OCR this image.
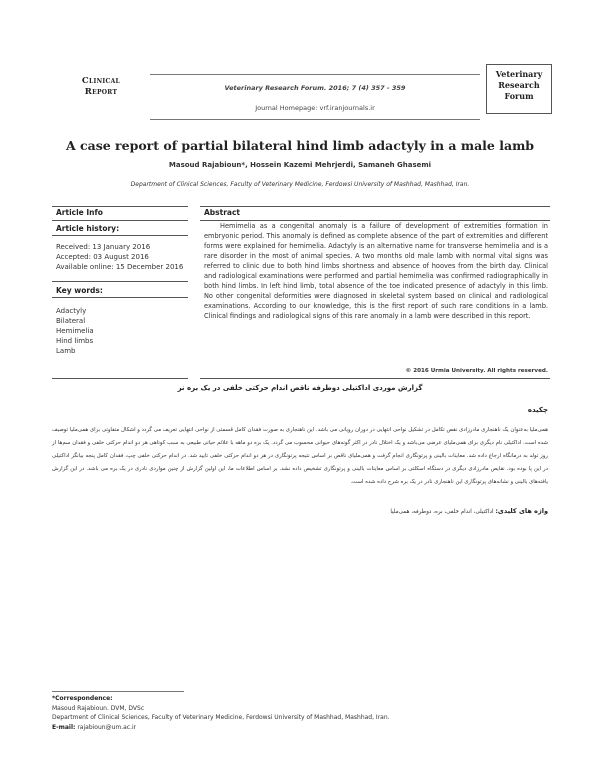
Clinical
Report	Veterinary Research Forum. 2016; 7 (4) 357 - 359
Journal Homepage: vrf.iranjournals.ir
Veterinary
Research
Forum
A case report of partial bilateral hind limb adactyly in a male lamb
Masoud Rajabioun*, Hossein Kazemi Mehrjerdi, Samaneh Ghasemi
Department of Clinical Sciences, Faculty of Veterinary Medicine, Ferdowsi University of Mashhad, Mashhad, Iran.
Article Info	Abstract
Article history:
Received: 13 January 2016
Accepted: 03 August 2016
Available online: 15 December 2016
Key words:
Adactyly
Bilateral
Hemimelia
Hind limbs
Lamb
Hemimelia as a congenital anomaly is a failure of development of extremities formation in embryonic period. This anomaly is defined as complete absence of the part of extremities and different forms were explained for hemimelia. Adactyly is an alternative name for transverse hemimelia and is a rare disorder in the most of animal species. A two months old male lamb with normal vital signs was referred to clinic due to both hind limbs shortness and absence of hooves from the birth day. Clinical and radiological examinations were performed and partial hemimelia was confirmed radiographically in both hind limbs. In left hind limb, total absence of the toe indicated presence of adactyly in this limb. No other congenital deformities were diagnosed in skeletal system based on clinical and radiological examinations. According to our knowledge, this is the first report of such rare conditions in a lamb. Clinical findings and radiological signs of this rare anomaly in a lamb were described in this report.
© 2016 Urmia University. All rights reserved.
گزارش موردی اداکتیلی دوطرفه ناقص اندام حرکتی خلفی در یک بره نر
چکیده
همی‌ملیا به‌عنوان یک ناهنجاری مادرزادی نقص تکامل در تشکیل نواحی انتهایی در دوران رویانی می باشد. این ناهنجاری به صورت فقدان کامل قسمتی از نواحی انتهایی تعریف می گردد و اشکال متفاوتی برای همی‌ملیا توصیف شده است. اداکتیلی نام دیگری برای همی‌ملیای عرضی می‌باشد و یک اختلال نادر در اکثر گونه‌های حیوانی محسوب می گردد. یک بره دو ماهه با علائم حیاتی طبیعی به سبب کوتاهی هر دو اندام حرکتی خلفی و فقدان سم‌ها از روز تولد به درمانگاه ارجاع داده شد. معاینات بالینی و پرتونگاری انجام گرفت و همی‌ملیای ناقص بر اساس نتیجه پرتونگاری در هر دو اندام حرکتی خلفی تایید شد. در اندام حرکتی خلفی چپ، فقدان کامل پنجه بیانگر اداکتیلی در این پا بوده بود. نقایص مادرزادی دیگری در دستگاه اسکلتی بر اساس معاینات بالینی و پرتونگاری تشخیص داده نشد. بر اساس اطلاعات ما، این اولین گزارش از چنین مواردی نادری در یک بره می باشد. در این گزارش یافته‌های بالینی و نشانه‌های پرتونگاری این ناهنجاری نادر در یک بره شرح داده شده است.
واژه های کلیدی: اداکتیلی، اندام خلفی، بره، دوطرفه، همی‌ملیا
*Correspondence:
Masoud Rajabioun. DVM, DVSc
Department of Clinical Sciences, Faculty of Veterinary Medicine, Ferdowsi University of Mashhad, Mashhad, Iran.
E-mail: rajabioun@um.ac.ir
